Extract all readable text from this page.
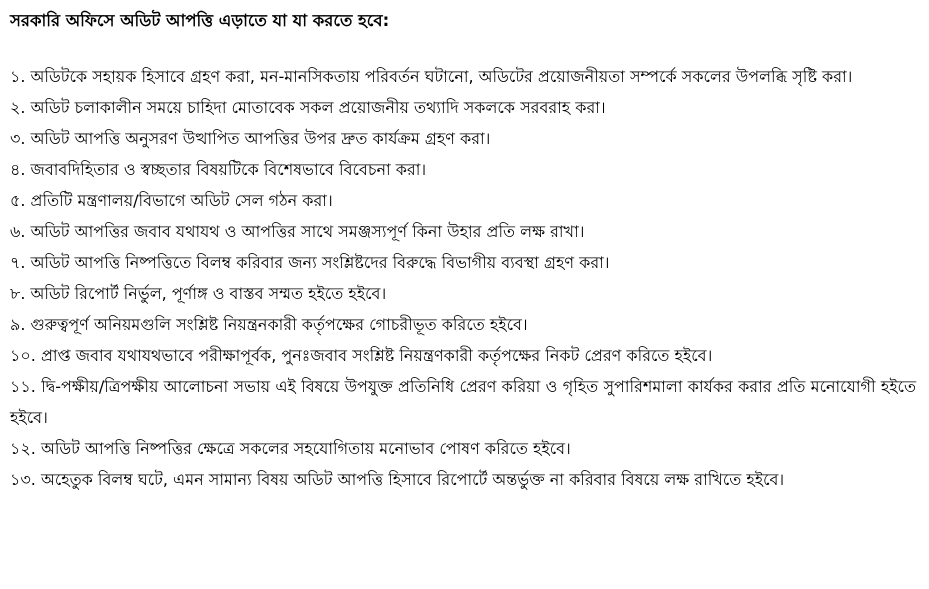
সরকারি অফিসে অডিট আপত্তি এড়াতে যা যা করতে হবে:

১. অডিটকে সহায়ক হিসাবে গ্রহণ করা, মন-মানসিকতায় পরিবর্তন ঘটানো, অডিটের প্রয়োজনীয়তা সম্পর্কে সকলের উপলব্ধি সৃষ্টি করা।

২. অডিট চলাকালীন সময়ে চাহিদা মোতাবেক সকল প্রয়োজনীয় তথ্যাদি সকলকে সরবরাহ করা।

৩. অডিট আপত্তি অনুসরণ উত্থাপিত আপত্তির উপর দ্রুত কার্যক্রম গ্রহণ করা।

৪. জবাবদিহিতার ও স্বচ্ছতার বিষয়টিকে বিশেষভাবে বিবেচনা করা।

৫. প্রতিটি মন্ত্রণালয়/বিভাগে অডিট সেল গঠন করা।

৬. অডিট আপত্তির জবাব যথাযথ ও আপত্তির সাথে সমঞ্জস্যপূর্ণ কিনা উহার প্রতি লক্ষ রাখা।

৭. অডিট আপত্তি নিষ্পত্তিতে বিলম্ব করিবার জন্য সংশ্লিষ্টদের বিরুদ্ধে বিভাগীয় ব্যবস্থা গ্রহণ করা।

৮. অডিট রিপোর্ট নির্ভুল, পূর্ণাঙ্গ ও বাস্তব সম্মত হইতে হইবে।

৯. গুরুত্বপূর্ণ অনিয়মগুলি সংশ্লিষ্ট নিয়ন্ত্রনকারী কর্তৃপক্ষের গোচরীভূত করিতে হইবে।

১০. প্রাপ্ত জবাব যথাযথভাবে পরীক্ষাপূর্বক, পুনঃজবাব সংশ্লিষ্ট নিয়ন্ত্রণকারী কর্তৃপক্ষের নিকট প্রেরণ করিতে হইবে।

১১. দ্বি-পক্ষীয়/ত্রিপক্ষীয় আলোচনা সভায় এই বিষয়ে উপযুক্ত প্রতিনিধি প্রেরণ করিয়া ও গৃহিত সুপারিশমালা কার্যকর করার প্রতি মনোযোগী হইতে হইবে।

১২. অডিট আপত্তি নিষ্পত্তির ক্ষেত্রে সকলের সহযোগিতায় মনোভাব পোষণ করিতে হইবে।

১৩. অহেতুক বিলম্ব ঘটে, এমন সামান্য বিষয় অডিট আপত্তি হিসাবে রিপোর্টে অন্তর্ভুক্ত না করিবার বিষয়ে লক্ষ রাখিতে হইবে।
